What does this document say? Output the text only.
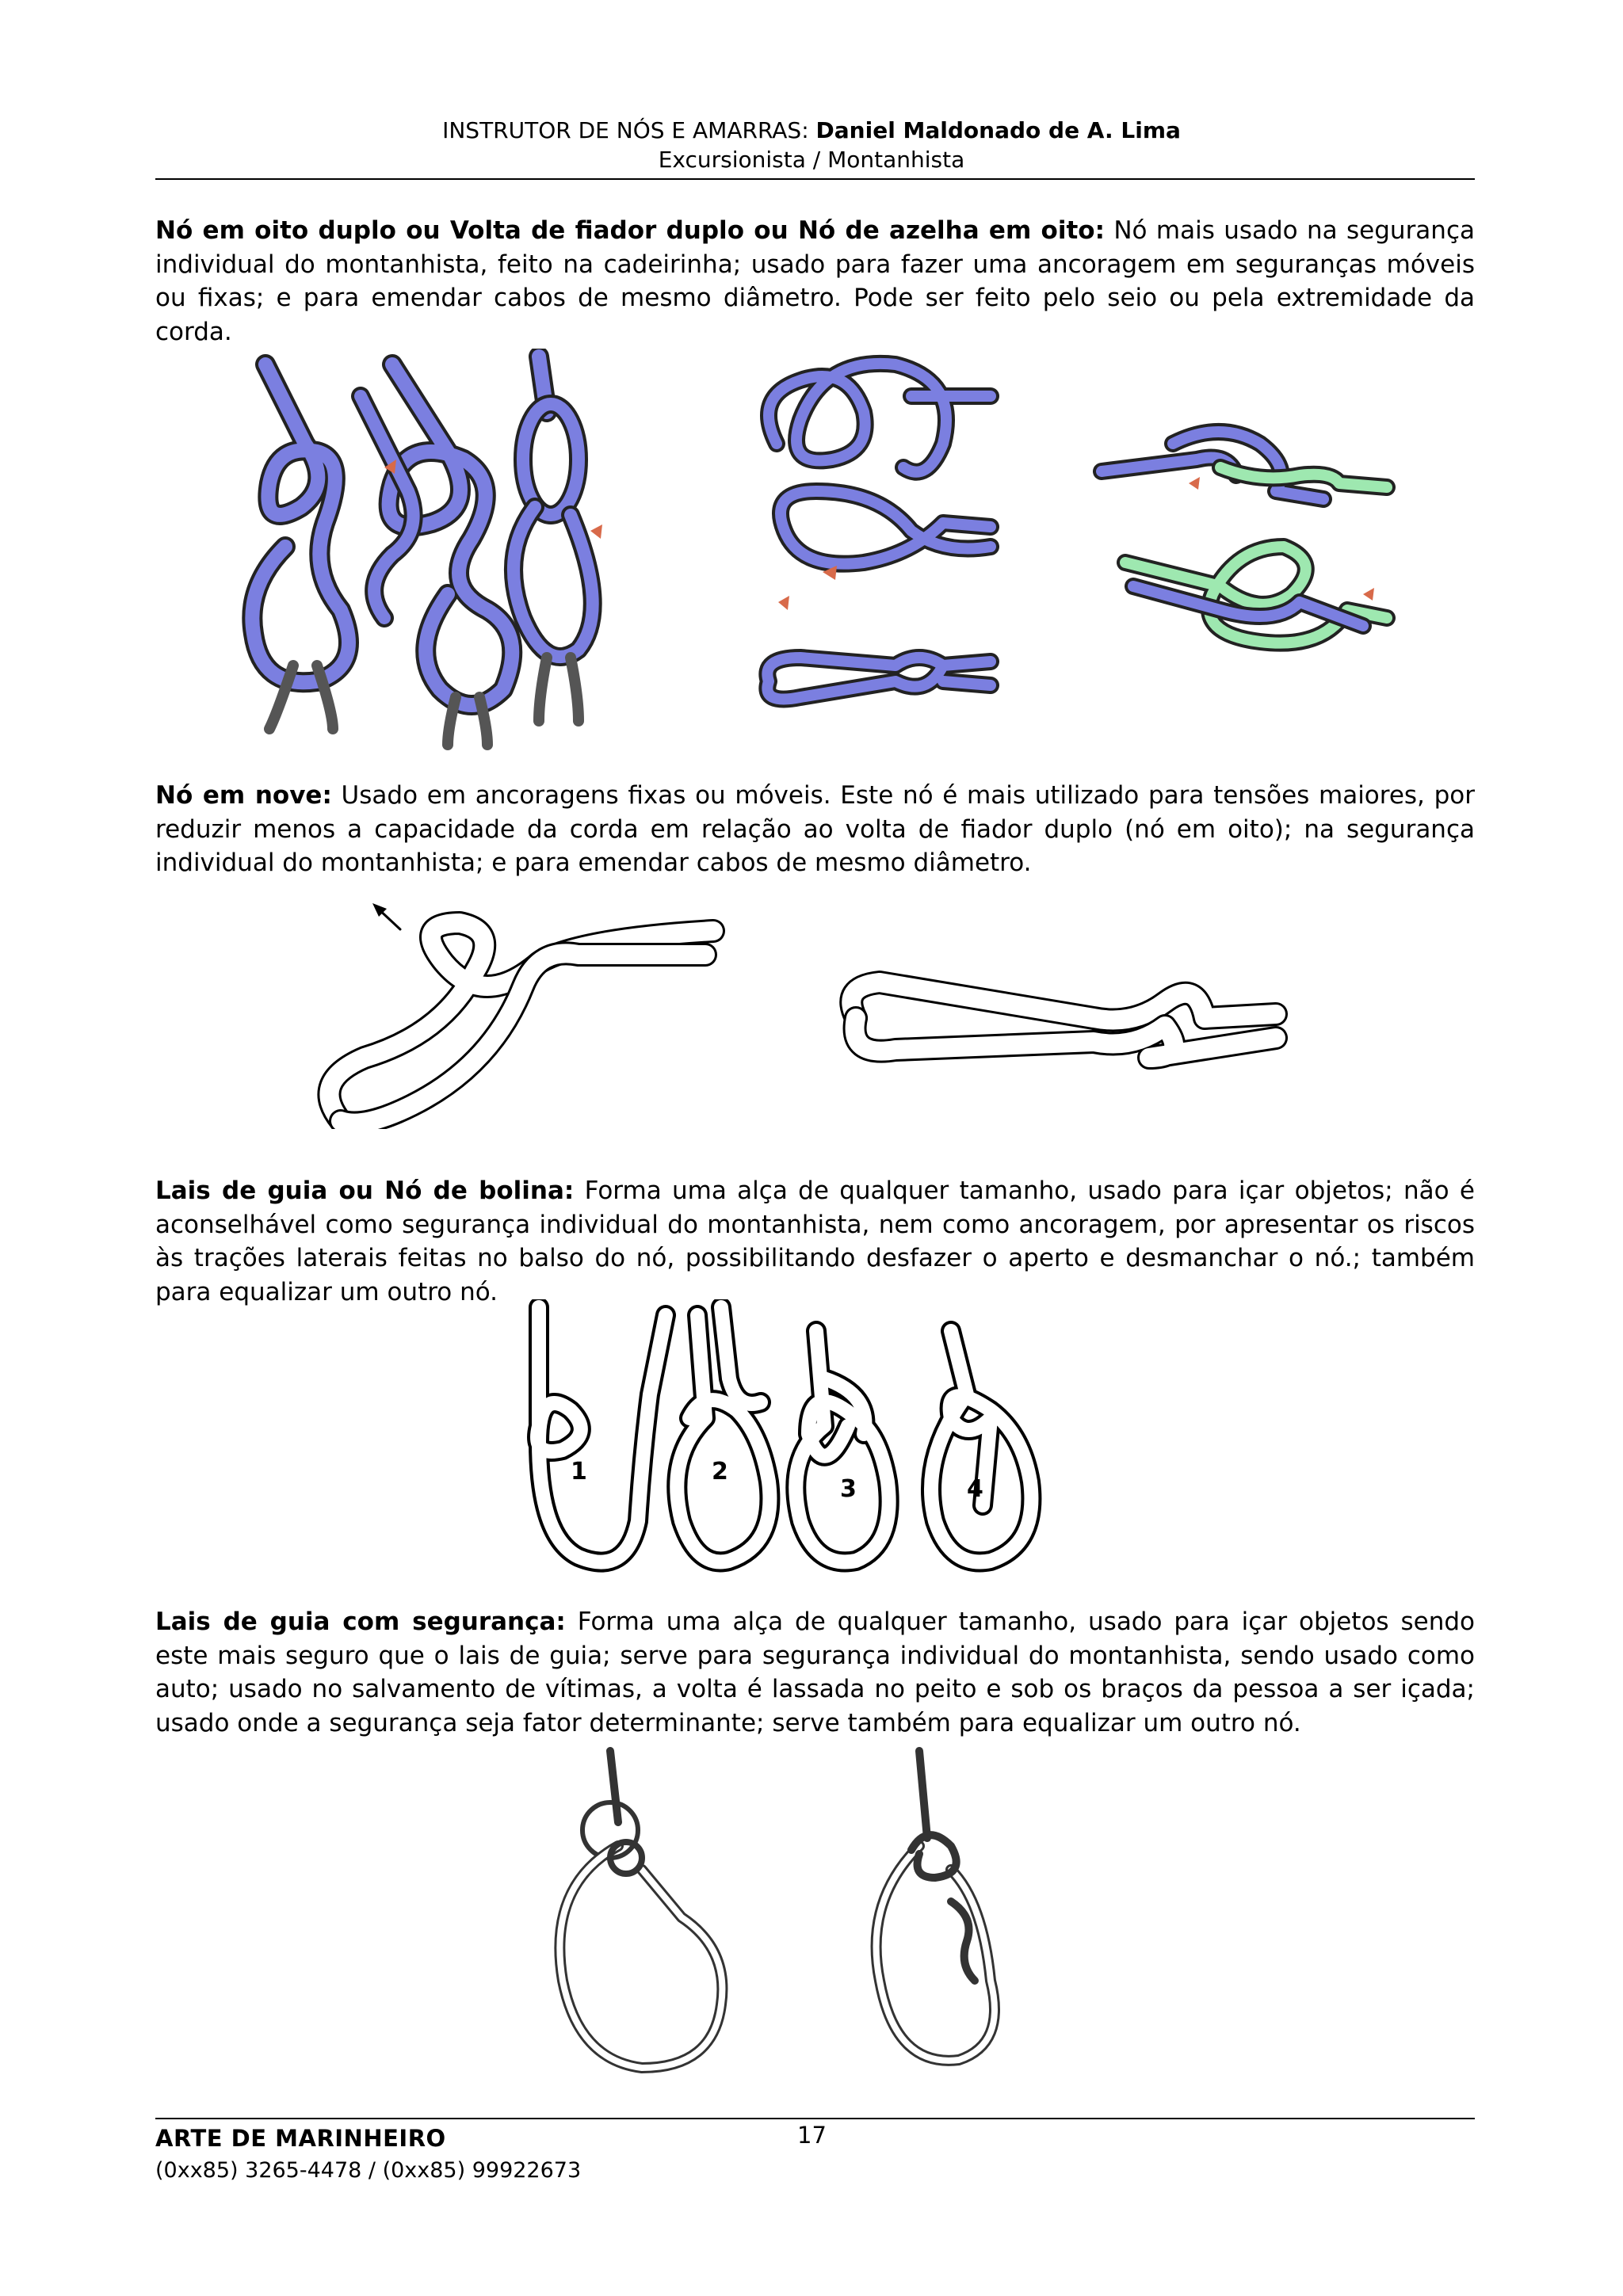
INSTRUTOR DE NÓS E AMARRAS: Daniel Maldonado de A. Lima
Excursionista / Montanhista
Nó em oito duplo ou Volta de fiador duplo ou Nó de azelha em oito: Nó mais usado na segurança individual do montanhista, feito na cadeirinha; usado para fazer uma ancoragem em seguranças móveis ou fixas; e para emendar cabos de mesmo diâmetro. Pode ser feito pelo seio ou pela extremidade da corda.
Nó em nove: Usado em ancoragens fixas ou móveis. Este nó é mais utilizado para tensões maiores, por reduzir menos a capacidade da corda em relação ao volta de fiador duplo (nó em oito); na segurança individual do montanhista; e para emendar cabos de mesmo diâmetro.
Lais de guia ou Nó de bolina: Forma uma alça de qualquer tamanho, usado para içar objetos; não é aconselhável como segurança individual do montanhista, nem como ancoragem, por apresentar os riscos às trações laterais feitas no balso do nó, possibilitando desfazer o aperto e desmanchar o nó.; também para equalizar um outro nó.
1	2
3	4
Lais de guia com segurança: Forma uma alça de qualquer tamanho, usado para içar objetos sendo este mais seguro que o lais de guia; serve para segurança individual do montanhista, sendo usado como auto; usado no salvamento de vítimas, a volta é lassada no peito e sob os braços da pessoa a ser içada; usado onde a segurança seja fator determinante; serve também para equalizar um outro nó.
ARTE DE MARINHEIRO	17
(0xx85) 3265-4478 / (0xx85) 99922673
